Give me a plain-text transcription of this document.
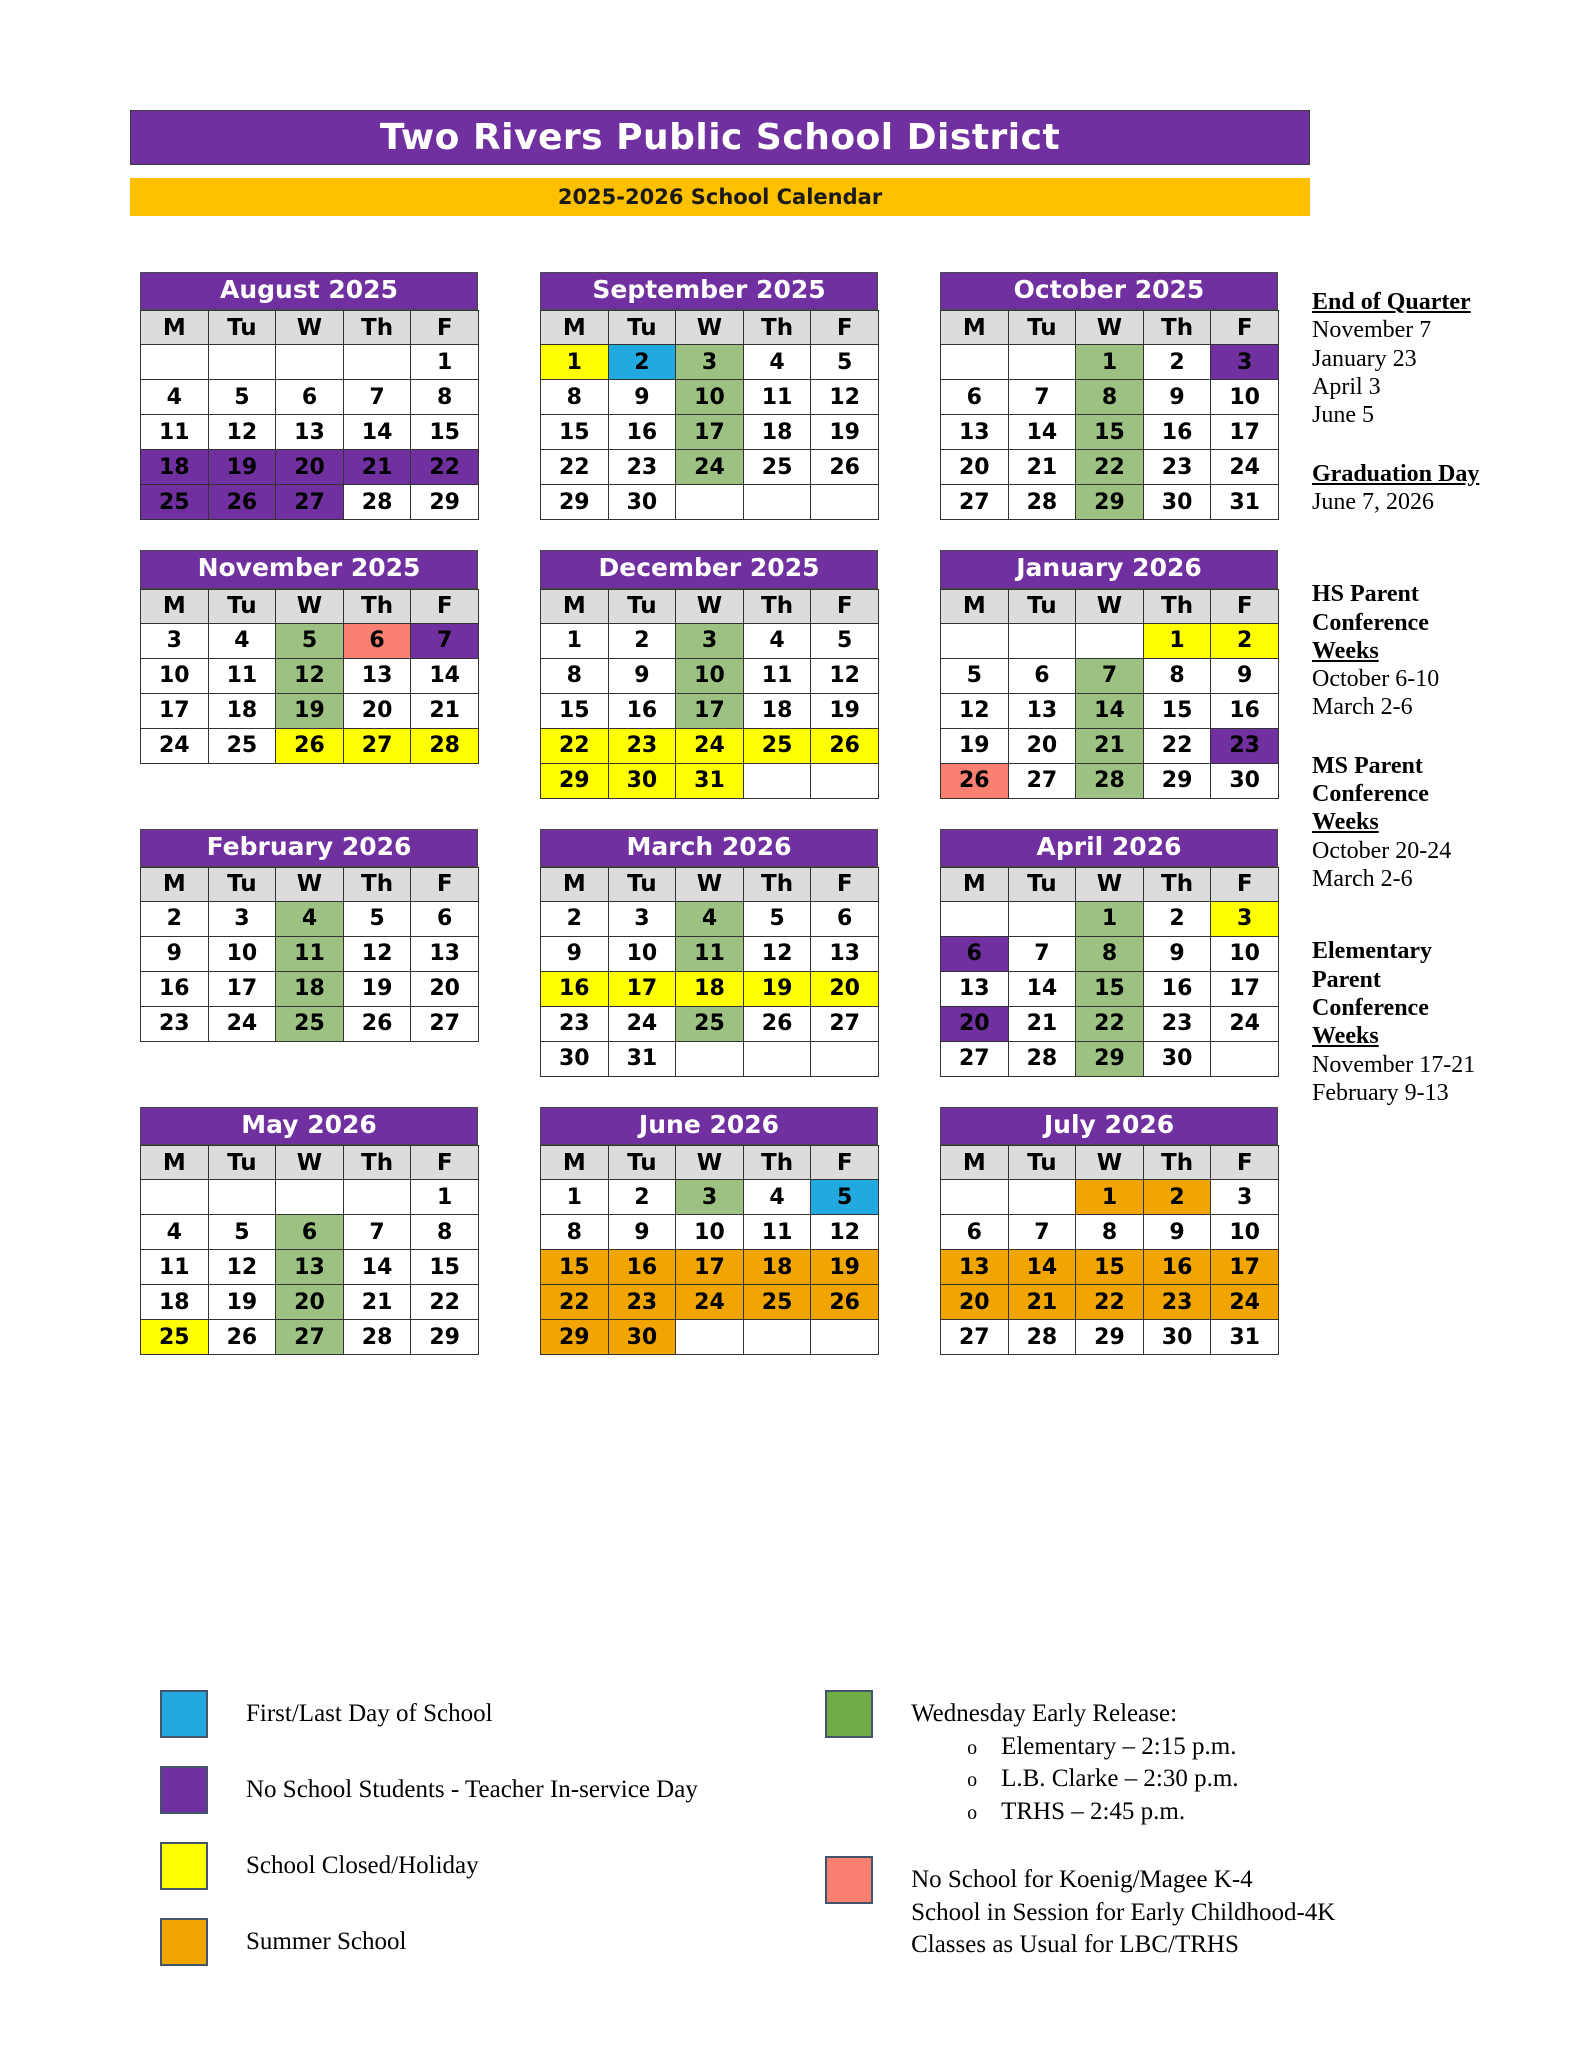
Two Rivers Public School District
2025-2026 School Calendar
August 2025
M	Tu	W	Th	F
				1
4	5	6	7	8
11	12	13	14	15
18	19	20	21	22
25	26	27	28	29
September 2025
M	Tu	W	Th	F
1	2	3	4	5
8	9	10	11	12
15	16	17	18	19
22	23	24	25	26
29	30			
October 2025
M	Tu	W	Th	F
		1	2	3
6	7	8	9	10
13	14	15	16	17
20	21	22	23	24
27	28	29	30	31
November 2025
M	Tu	W	Th	F
3	4	5	6	7
10	11	12	13	14
17	18	19	20	21
24	25	26	27	28
December 2025
M	Tu	W	Th	F
1	2	3	4	5
8	9	10	11	12
15	16	17	18	19
22	23	24	25	26
29	30	31		
January 2026
M	Tu	W	Th	F
			1	2
5	6	7	8	9
12	13	14	15	16
19	20	21	22	23
26	27	28	29	30
February 2026
M	Tu	W	Th	F
2	3	4	5	6
9	10	11	12	13
16	17	18	19	20
23	24	25	26	27
March 2026
M	Tu	W	Th	F
2	3	4	5	6
9	10	11	12	13
16	17	18	19	20
23	24	25	26	27
30	31			
April 2026
M	Tu	W	Th	F
		1	2	3
6	7	8	9	10
13	14	15	16	17
20	21	22	23	24
27	28	29	30	
May 2026
M	Tu	W	Th	F
				1
4	5	6	7	8
11	12	13	14	15
18	19	20	21	22
25	26	27	28	29
June 2026
M	Tu	W	Th	F
1	2	3	4	5
8	9	10	11	12
15	16	17	18	19
22	23	24	25	26
29	30			
July 2026
M	Tu	W	Th	F
		1	2	3
6	7	8	9	10
13	14	15	16	17
20	21	22	23	24
27	28	29	30	31
End of Quarter
November 7
January 23
April 3
June 5
Graduation Day
June 7, 2026
HS Parent
Conference
Weeks
October 6-10
March 2-6
MS Parent
Conference
Weeks
October 20-24
March 2-6
Elementary
Parent
Conference
Weeks
November 17-21
February 9-13
First/Last Day of School
No School Students - Teacher In-service Day
School Closed/Holiday
Summer School
Wednesday Early Release:
o Elementary – 2:15 p.m.
o L.B. Clarke – 2:30 p.m.
o TRHS – 2:45 p.m.
No School for Koenig/Magee K-4
School in Session for Early Childhood-4K
Classes as Usual for LBC/TRHS
